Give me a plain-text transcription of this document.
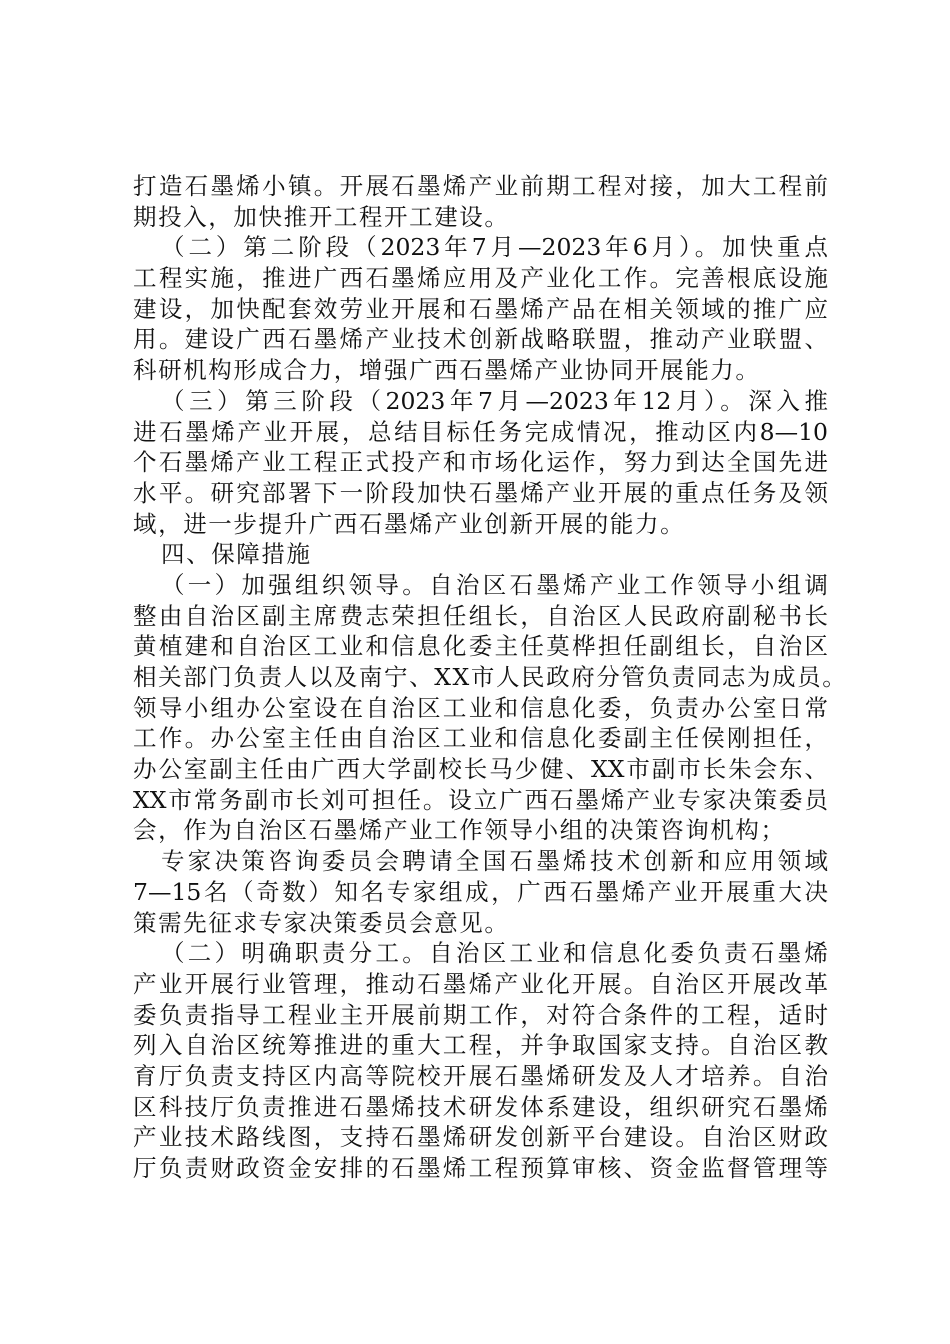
打造石墨烯小镇。开展石墨烯产业前期工程对接，加大工程前
期投入，加快推开工程开工建设。
（二）第二阶段（2023年7月—2023年6月）。加快重点
工程实施，推进广西石墨烯应用及产业化工作。完善根底设施
建设，加快配套效劳业开展和石墨烯产品在相关领域的推广应
用。建设广西石墨烯产业技术创新战略联盟，推动产业联盟、
科研机构形成合力，增强广西石墨烯产业协同开展能力。
（三）第三阶段（2023年7月—2023年12月）。深入推
进石墨烯产业开展，总结目标任务完成情况，推动区内8—10
个石墨烯产业工程正式投产和市场化运作，努力到达全国先进
水平。研究部署下一阶段加快石墨烯产业开展的重点任务及领
域，进一步提升广西石墨烯产业创新开展的能力。
四、保障措施
（一）加强组织领导。自治区石墨烯产业工作领导小组调
整由自治区副主席费志荣担任组长，自治区人民政府副秘书长
黄植建和自治区工业和信息化委主任莫桦担任副组长，自治区
相关部门负责人以及南宁、XX市人民政府分管负责同志为成员。
领导小组办公室设在自治区工业和信息化委，负责办公室日常
工作。办公室主任由自治区工业和信息化委副主任侯刚担任，
办公室副主任由广西大学副校长马少健、XX市副市长朱会东、
XX市常务副市长刘可担任。设立广西石墨烯产业专家决策委员
会，作为自治区石墨烯产业工作领导小组的决策咨询机构；
专家决策咨询委员会聘请全国石墨烯技术创新和应用领域
7—15名（奇数）知名专家组成，广西石墨烯产业开展重大决
策需先征求专家决策委员会意见。
（二）明确职责分工。自治区工业和信息化委负责石墨烯
产业开展行业管理，推动石墨烯产业化开展。自治区开展改革
委负责指导工程业主开展前期工作，对符合条件的工程，适时
列入自治区统筹推进的重大工程，并争取国家支持。自治区教
育厅负责支持区内高等院校开展石墨烯研发及人才培养。自治
区科技厅负责推进石墨烯技术研发体系建设，组织研究石墨烯
产业技术路线图，支持石墨烯研发创新平台建设。自治区财政
厅负责财政资金安排的石墨烯工程预算审核、资金监督管理等
